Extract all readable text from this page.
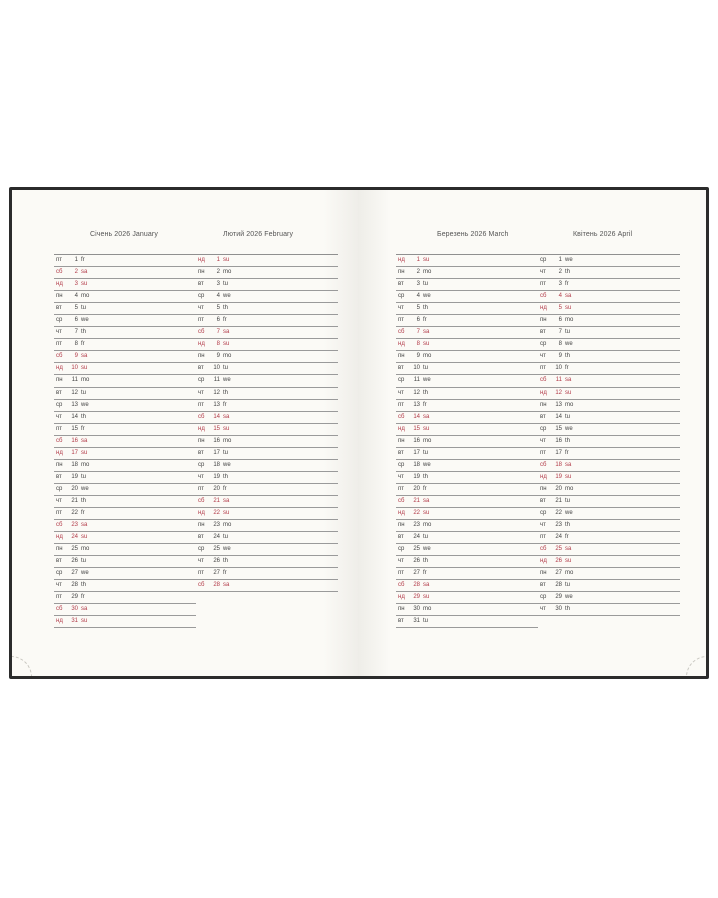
Січень 2026 January	Лютий 2026 February
пт	1 fr
сб	2 sa
нд	3 su
пн	4 mo
вт	5 tu
ср	6 we
чт	7 th
пт	8 fr
сб	9 sa
нд	10 su
пн	11 mo
вт	12 tu
ср	13 we
чт	14 th
пт	15 fr
сб	16 sa
нд	17 su
пн	18 mo
вт	19 tu
ср	20 we
чт	21 th
пт	22 fr
сб	23 sa
нд	24 su
пн	25 mo
вт	26 tu
ср	27 we
чт	28 th
пт	29 fr
сб	30 sa
нд	31 su
нд	1 su
пн	2 mo
вт	3 tu
ср	4 we
чт	5 th
пт	6 fr
сб	7 sa
нд	8 su
пн	9 mo
вт	10 tu
ср	11 we
чт	12 th
пт	13 fr
сб	14 sa
нд	15 su
пн	16 mo
вт	17 tu
ср	18 we
чт	19 th
пт	20 fr
сб	21 sa
нд	22 su
пн	23 mo
вт	24 tu
ср	25 we
чт	26 th
пт	27 fr
сб	28 sa
Березень 2026 March	Квітень 2026 April
нд	1 su
пн	2 mo
вт	3 tu
ср	4 we
чт	5 th
пт	6 fr
сб	7 sa
нд	8 su
пн	9 mo
вт	10 tu
ср	11 we
чт	12 th
пт	13 fr
сб	14 sa
нд	15 su
пн	16 mo
вт	17 tu
ср	18 we
чт	19 th
пт	20 fr
сб	21 sa
нд	22 su
пн	23 mo
вт	24 tu
ср	25 we
чт	26 th
пт	27 fr
сб	28 sa
нд	29 su
пн	30 mo
вт	31 tu
ср	1 we
чт	2 th
пт	3 fr
сб	4 sa
нд	5 su
пн	6 mo
вт	7 tu
ср	8 we
чт	9 th
пт	10 fr
сб	11 sa
нд	12 su
пн	13 mo
вт	14 tu
ср	15 we
чт	16 th
пт	17 fr
сб	18 sa
нд	19 su
пн	20 mo
вт	21 tu
ср	22 we
чт	23 th
пт	24 fr
сб	25 sa
нд	26 su
пн	27 mo
вт	28 tu
ср	29 we
чт	30 th
